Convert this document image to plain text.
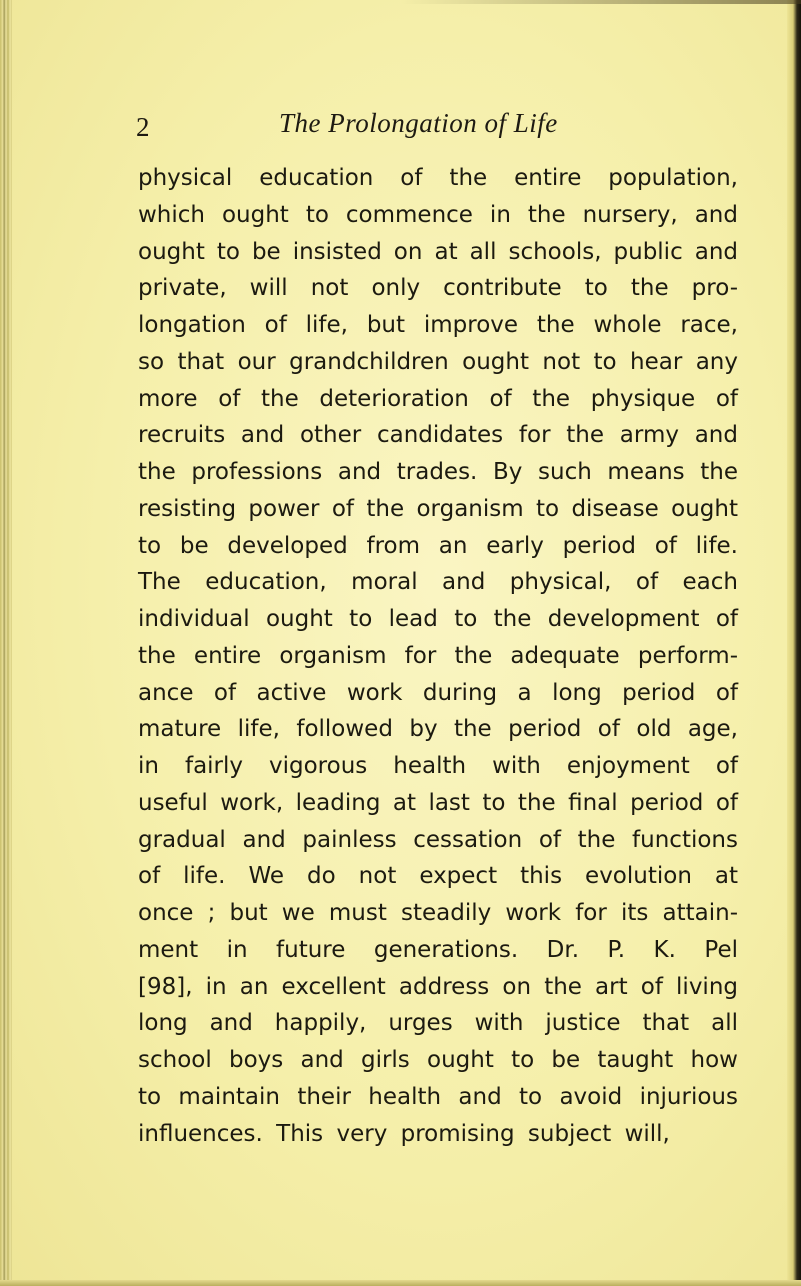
2	The Prolongation of Life
physical education of the entire population,
which ought to commence in the nursery, and
ought to be insisted on at all schools, public and
private, will not only contribute to the pro-
longation of life, but improve the whole race,
so that our grandchildren ought not to hear any
more of the deterioration of the physique of
recruits and other candidates for the army and
the professions and trades. By such means the
resisting power of the organism to disease ought
to be developed from an early period of life.
The education, moral and physical, of each
individual ought to lead to the development of
the entire organism for the adequate perform-
ance of active work during a long period of
mature life, followed by the period of old age,
in fairly vigorous health with enjoyment of
useful work, leading at last to the final period of
gradual and painless cessation of the functions
of life. We do not expect this evolution at
once ; but we must steadily work for its attain-
ment in future generations. Dr. P. K. Pel
[98], in an excellent address on the art of living
long and happily, urges with justice that all
school boys and girls ought to be taught how
to maintain their health and to avoid injurious
influences. This very promising subject will,
